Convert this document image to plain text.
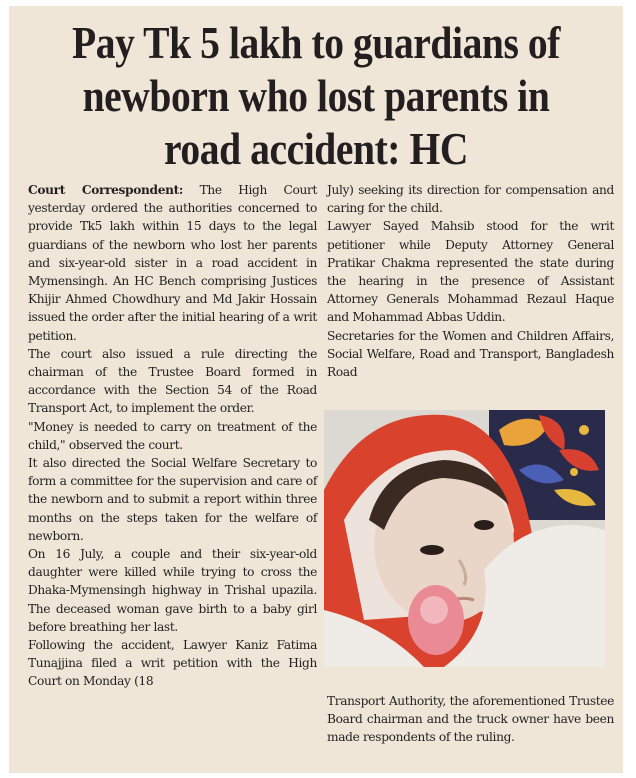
Pay Tk 5 lakh to guardians of newborn who lost parents in road accident: HC

Court Correspondent: The High Court yesterday ordered the authorities concerned to provide Tk5 lakh within 15 days to the legal guardians of the newborn who lost her parents and six-year-old sister in a road accident in Mymensingh. An HC Bench comprising Justices Khijir Ahmed Chowdhury and Md Jakir Hossain issued the order after the initial hearing of a writ petition.

The court also issued a rule directing the chairman of the Trustee Board formed in accordance with the Section 54 of the Road Transport Act, to implement the order.

"Money is needed to carry on treatment of the child," observed the court.

It also directed the Social Welfare Secretary to form a committee for the supervision and care of the newborn and to submit a report within three months on the steps taken for the welfare of newborn.

On 16 July, a couple and their six-year-old daughter were killed while trying to cross the Dhaka-Mymensingh highway in Trishal upazila. The deceased woman gave birth to a baby girl before breathing her last.

Following the accident, Lawyer Kaniz Fatima Tunajjina filed a writ petition with the High Court on Monday (18

July) seeking its direction for compensation and caring for the child.

Lawyer Sayed Mahsib stood for the writ petitioner while Deputy Attorney General Pratikar Chakma represented the state during the hearing in the presence of Assistant Attorney Generals Mohammad Rezaul Haque and Mohammad Abbas Uddin.

Secretaries for the Women and Children Affairs, Social Welfare, Road and Transport, Bangladesh Road

Transport Authority, the aforementioned Trustee Board chairman and the truck owner have been made respondents of the ruling.
